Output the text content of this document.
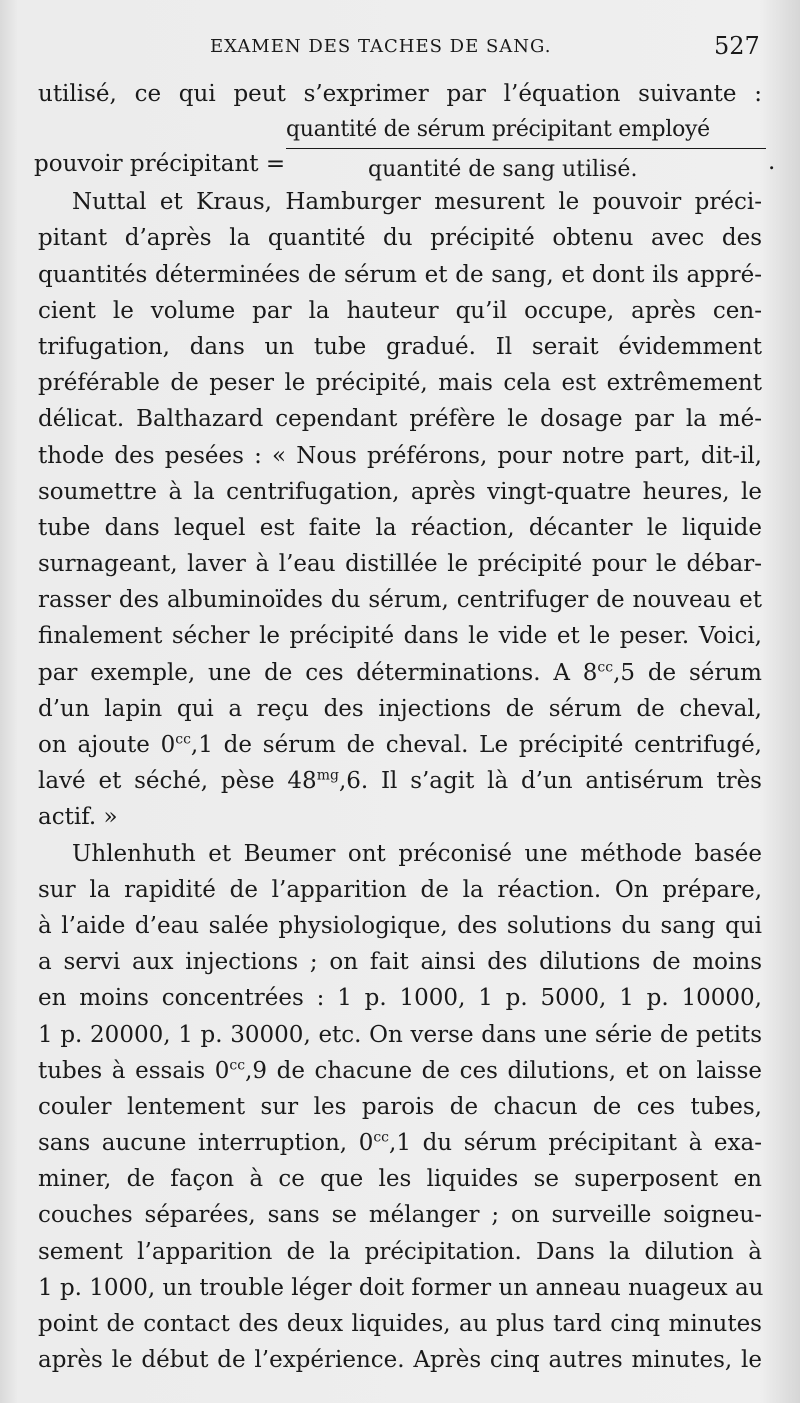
EXAMEN DES TACHES DE SANG.	527
utilisé, ce qui peut s’exprimer par l’équation suivante :
pouvoir précipitant =
quantité de sérum précipitant employé
quantité de sang utilisé.	.
Nuttal et Kraus, Hamburger mesurent le pouvoir préci-
pitant d’après la quantité du précipité obtenu avec des
quantités déterminées de sérum et de sang, et dont ils appré-
cient le volume par la hauteur qu’il occupe, après cen-
trifugation, dans un tube gradué. Il serait évidemment
préférable de peser le précipité, mais cela est extrêmement
délicat. Balthazard cependant préfère le dosage par la mé-
thode des pesées : « Nous préférons, pour notre part, dit-il,
soumettre à la centrifugation, après vingt-quatre heures, le
tube dans lequel est faite la réaction, décanter le liquide
surnageant, laver à l’eau distillée le précipité pour le débar-
rasser des albuminoïdes du sérum, centrifuger de nouveau et
finalement sécher le précipité dans le vide et le peser. Voici,
par exemple, une de ces déterminations. A $8^{cc},5$ de sérum
d’un lapin qui a reçu des injections de sérum de cheval,
on ajoute $0^{cc},1$ de sérum de cheval. Le précipité centrifugé,
lavé et séché, pèse $48^{mg},6$. Il s’agit là d’un antisérum très
actif. »
Uhlenhuth et Beumer ont préconisé une méthode basée
sur la rapidité de l’apparition de la réaction. On prépare,
à l’aide d’eau salée physiologique, des solutions du sang qui
a servi aux injections ; on fait ainsi des dilutions de moins
en moins concentrées : 1 p. 1000, 1 p. 5000, 1 p. 10000,
1 p. 20000, 1 p. 30000, etc. On verse dans une série de petits
tubes à essais $0^{cc},9$ de chacune de ces dilutions, et on laisse
couler lentement sur les parois de chacun de ces tubes,
sans aucune interruption, $0^{cc},1$ du sérum précipitant à exa-
miner, de façon à ce que les liquides se superposent en
couches séparées, sans se mélanger ; on surveille soigneu-
sement l’apparition de la précipitation. Dans la dilution à
1 p. 1000, un trouble léger doit former un anneau nuageux au
point de contact des deux liquides, au plus tard cinq minutes
après le début de l’expérience. Après cinq autres minutes, le
